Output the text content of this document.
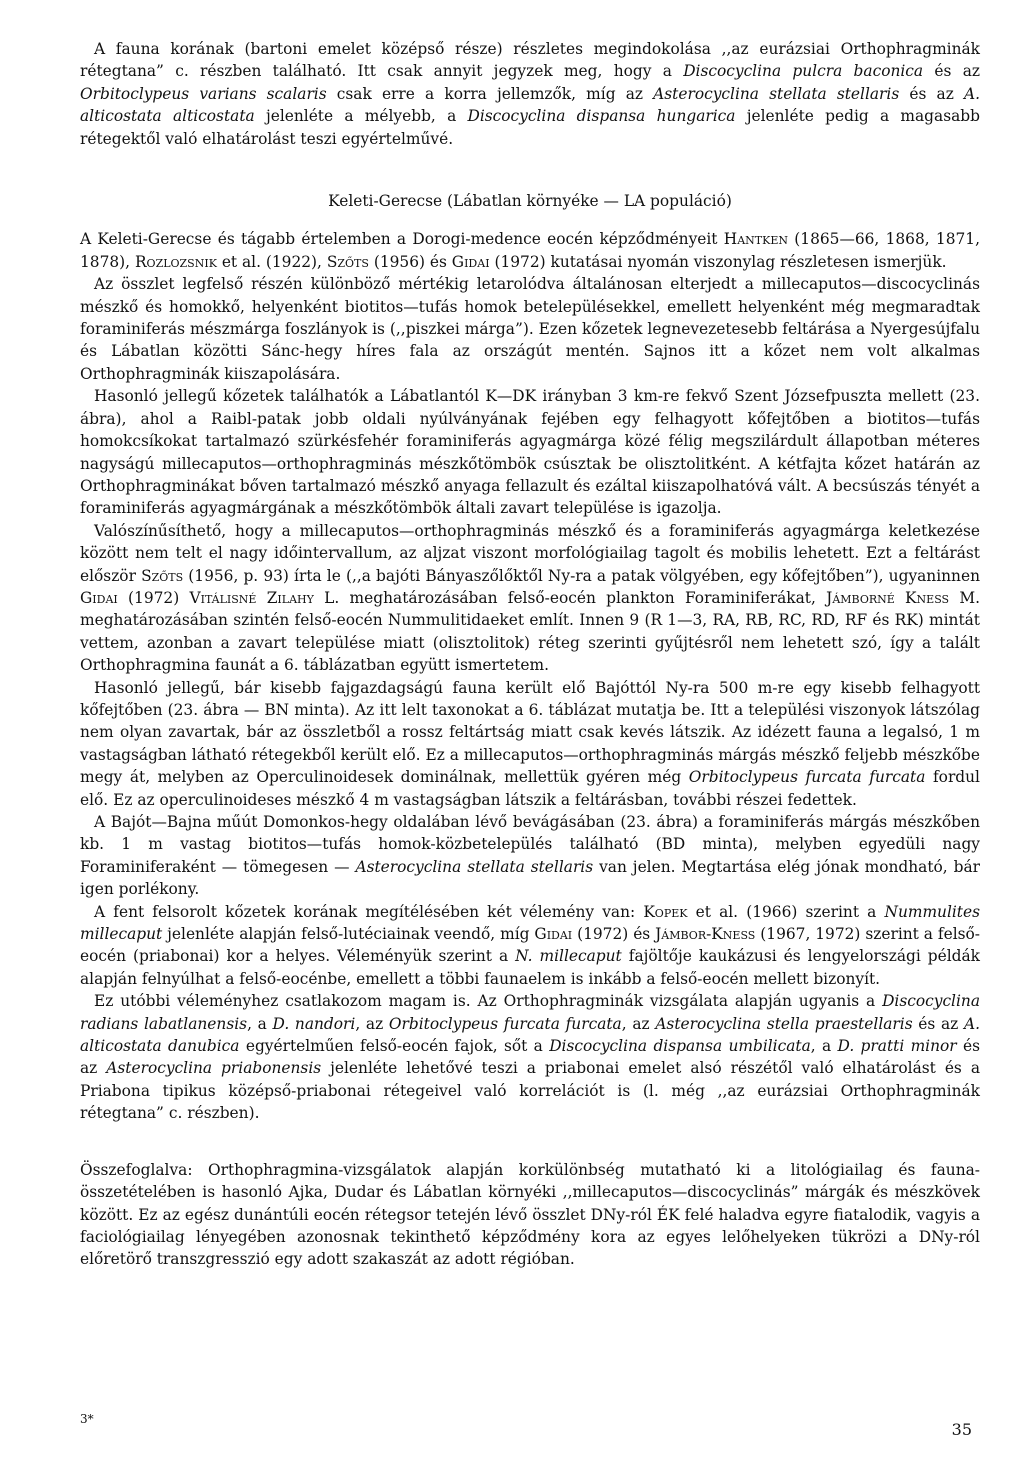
A fauna korának (bartoni emelet középső része) részletes megindokolása ,,az eurázsiai Orthophragminák rétegtana” c. részben található. Itt csak annyit jegyzek meg, hogy a Discocyclina pulcra baconica és az Orbitoclypeus varians scalaris csak erre a korra jellemzők, míg az Asterocyclina stellata stellaris és az A. alticostata alticostata jelenléte a mélyebb, a Discocyclina dispansa hungarica jelenléte pedig a magasabb rétegektől való elhatárolást teszi egyértelművé.

Keleti-Gerecse (Lábatlan környéke — LA populáció)

A Keleti-Gerecse és tágabb értelemben a Dorogi-medence eocén képződményeit Hantken (1865—66, 1868, 1871, 1878), Rozlozsnik et al. (1922), Szőts (1956) és Gidai (1972) kutatásai nyomán viszonylag részletesen ismerjük.

Az összlet legfelső részén különböző mértékig letarolódva általánosan elterjedt a millecaputos—discocyclinás mészkő és homokkő, helyenként biotitos—tufás homok betelepülésekkel, emellett helyenként még megmaradtak foraminiferás mészmárga foszlányok is (,,piszkei márga”). Ezen kőzetek legnevezetesebb feltárása a Nyergesújfalu és Lábatlan közötti Sánc-hegy híres fala az országút mentén. Sajnos itt a kőzet nem volt alkalmas Orthophragminák kiiszapolására.

Hasonló jellegű kőzetek találhatók a Lábatlantól K—DK irányban 3 km-re fekvő Szent Józsefpuszta mellett (23. ábra), ahol a Raibl-patak jobb oldali nyúlványának fejében egy felhagyott kőfejtőben a biotitos—tufás homokcsíkokat tartalmazó szürkésfehér foraminiferás agyagmárga közé félig megszilárdult állapotban méteres nagyságú millecaputos—orthophragminás mészkőtömbök csúsztak be olisztolitként. A kétfajta kőzet határán az Orthophragminákat bőven tartalmazó mészkő anyaga fellazult és ezáltal kiiszapolhatóvá vált. A becsúszás tényét a foraminiferás agyagmárgának a mészkőtömbök általi zavart települése is igazolja.

Valószínűsíthető, hogy a millecaputos—orthophragminás mészkő és a foraminiferás agyagmárga keletkezése között nem telt el nagy időintervallum, az aljzat viszont morfológiailag tagolt és mobilis lehetett. Ezt a feltárást először Szőts (1956, p. 93) írta le (,,a bajóti Bányaszőlőktől Ny-ra a patak völgyében, egy kőfejtőben”), ugyaninnen Gidai (1972) Vitálisné Zilahy L. meghatározásában felső-eocén plankton Foraminiferákat, Jámborné Kness M. meghatározásában szintén felső-eocén Nummulitidaeket említ. Innen 9 (R 1—3, RA, RB, RC, RD, RF és RK) mintát vettem, azonban a zavart települése miatt (olisztolitok) réteg szerinti gyűjtésről nem lehetett szó, így a talált Orthophragmina faunát a 6. táblázatban együtt ismertetem.

Hasonló jellegű, bár kisebb fajgazdagságú fauna került elő Bajóttól Ny-ra 500 m-re egy kisebb felhagyott kőfejtőben (23. ábra — BN minta). Az itt lelt taxonokat a 6. táblázat mutatja be. Itt a települési viszonyok látszólag nem olyan zavartak, bár az összletből a rossz feltártság miatt csak kevés látszik. Az idézett fauna a legalsó, 1 m vastagságban látható rétegekből került elő. Ez a millecaputos—orthophragminás márgás mészkő feljebb mészkőbe megy át, melyben az Operculinoidesek dominálnak, mellettük gyéren még Orbitoclypeus furcata furcata fordul elő. Ez az operculinoideses mészkő 4 m vastagságban látszik a feltárásban, további részei fedettek.

A Bajót—Bajna műút Domonkos-hegy oldalában lévő bevágásában (23. ábra) a foraminiferás márgás mészkőben kb. 1 m vastag biotitos—tufás homok-közbetelepülés található (BD minta), melyben egyedüli nagy Foraminiferaként — tömegesen — Asterocyclina stellata stellaris van jelen. Megtartása elég jónak mondható, bár igen porlékony.

A fent felsorolt kőzetek korának megítélésében két vélemény van: Kopek et al. (1966) szerint a Nummulites millecaput jelenléte alapján felső-lutéciainak veendő, míg Gidai (1972) és Jámbor-Kness (1967, 1972) szerint a felső-eocén (priabonai) kor a helyes. Véleményük szerint a N. millecaput fajöltője kaukázusi és lengyelországi példák alapján felnyúlhat a felső-eocénbe, emellett a többi faunaelem is inkább a felső-eocén mellett bizonyít.

Ez utóbbi véleményhez csatlakozom magam is. Az Orthophragminák vizsgálata alapján ugyanis a Discocyclina radians labatlanensis, a D. nandori, az Orbitoclypeus furcata furcata, az Asterocyclina stella praestellaris és az A. alticostata danubica egyértelműen felső-eocén fajok, sőt a Discocyclina dispansa umbilicata, a D. pratti minor és az Asterocyclina priabonensis jelenléte lehetővé teszi a priabonai emelet alsó részétől való elhatárolást és a Priabona tipikus középső-priabonai rétegeivel való korrelációt is (l. még ,,az eurázsiai Orthophragminák rétegtana” c. részben).

Összefoglalva: Orthophragmina-vizsgálatok alapján korkülönbség mutatható ki a litológiailag és fauna-összetételében is hasonló Ajka, Dudar és Lábatlan környéki ,,millecaputos—discocyclinás” márgák és mészkövek között. Ez az egész dunántúli eocén rétegsor tetején lévő összlet DNy-ról ÉK felé haladva egyre fiatalodik, vagyis a faciológiailag lényegében azonosnak tekinthető képződmény kora az egyes lelőhelyeken tükrözi a DNy-ról előretörő transzgresszió egy adott szakaszát az adott régióban.

3*
35
